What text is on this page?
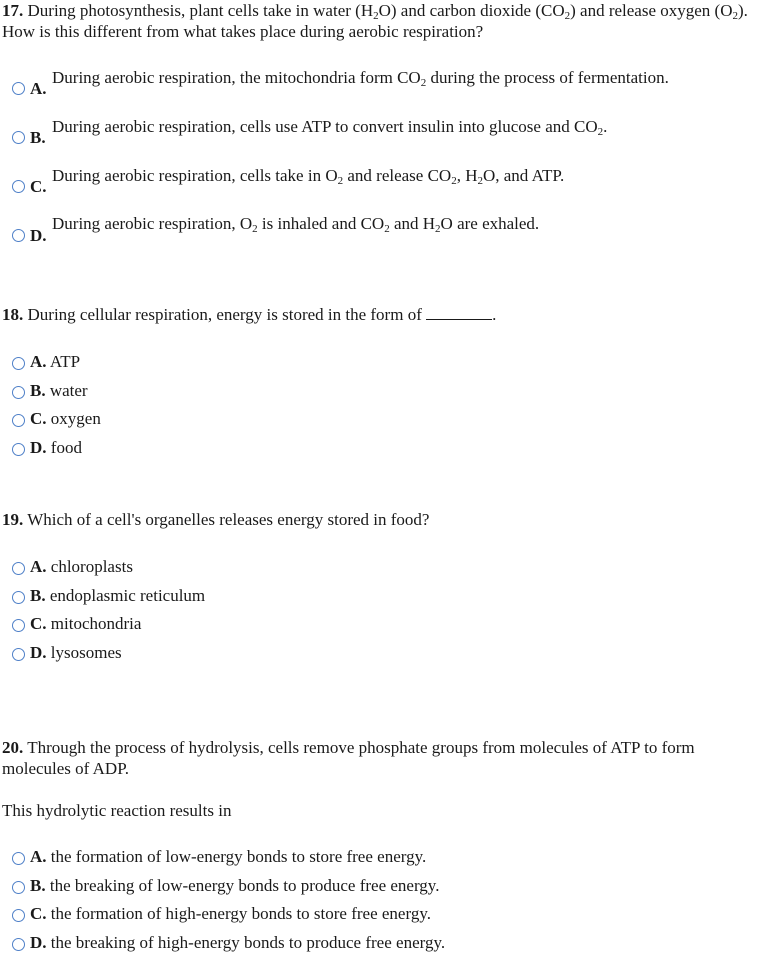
17. During photosynthesis, plant cells take in water $(H_2O)$ and carbon dioxide $(CO_2)$ and release oxygen $(O_2)$. How is this different from what takes place during aerobic respiration?
A.
During aerobic respiration, the mitochondria form $CO_2$ during the process of fermentation.
B.
During aerobic respiration, cells use ATP to convert insulin into glucose and $CO_2$.
C.
During aerobic respiration, cells take in $O_2$ and release $CO_2$, $H_2O$, and ATP.
D.
During aerobic respiration, $O_2$ is inhaled and $CO_2$ and $H_2O$ are exhaled.
18. During cellular respiration, energy is stored in the form of	.
A. ATP
B. water
C. oxygen
D. food
19. Which of a cell's organelles releases energy stored in food?
A. chloroplasts
B. endoplasmic reticulum
C. mitochondria
D. lysosomes
20. Through the process of hydrolysis, cells remove phosphate groups from molecules of ATP to form molecules of ADP.
This hydrolytic reaction results in
A. the formation of low-energy bonds to store free energy.
B. the breaking of low-energy bonds to produce free energy.
C. the formation of high-energy bonds to store free energy.
D. the breaking of high-energy bonds to produce free energy.
